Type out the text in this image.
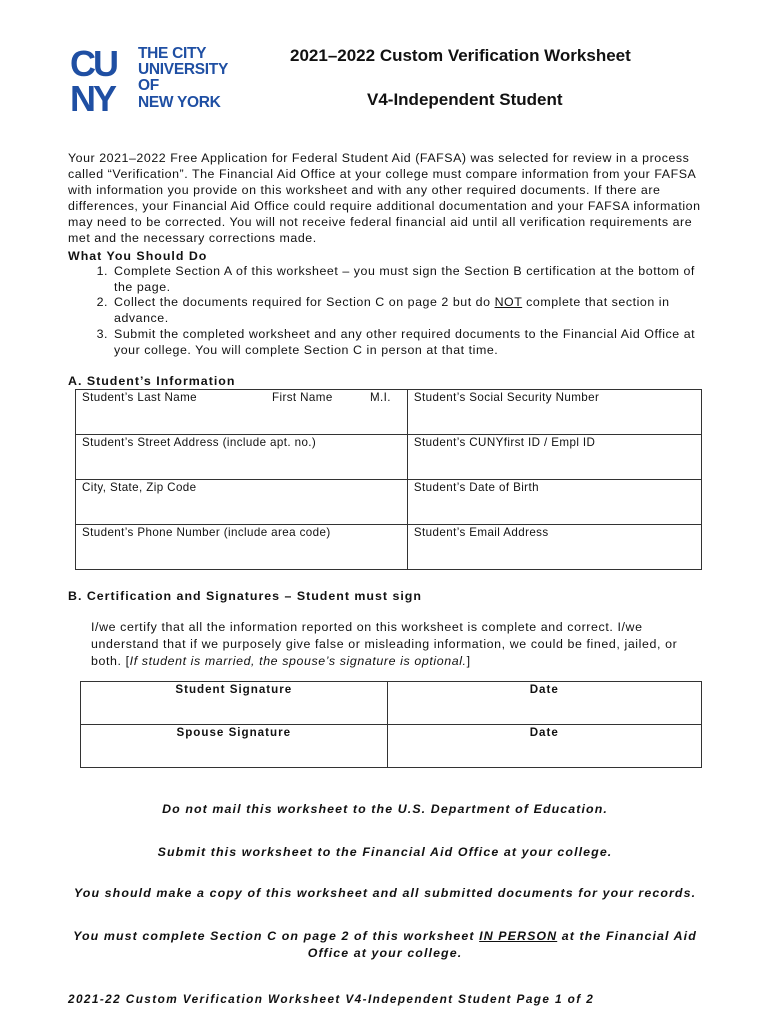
CU
NY
THE CITY
UNIVERSITY
OF
NEW YORK
2021–2022 Custom Verification Worksheet
V4-Independent Student

Your 2021–2022 Free Application for Federal Student Aid (FAFSA) was selected for review in a process called “Verification”. The Financial Aid Office at your college must compare information from your FAFSA with information you provide on this worksheet and with any other required documents. If there are differences, your Financial Aid Office could require additional documentation and your FAFSA information may need to be corrected. You will not receive federal financial aid until all verification requirements are met and the necessary corrections made.

What You Should Do
1. Complete Section A of this worksheet – you must sign the Section B certification at the bottom of the page.
2. Collect the documents required for Section C on page 2 but do NOT complete that section in advance.
3. Submit the completed worksheet and any other required documents to the Financial Aid Office at your college. You will complete Section C in person at that time.
A. Student’s Information
Student’s Last Name First Name M.I.	Student’s Social Security Number

Student’s Street Address (include apt. no.)	Student’s CUNYfirst ID / Empl ID

City, State, Zip Code	Student’s Date of Birth

Student’s Phone Number (include area code)	Student’s Email Address
B. Certification and Signatures – Student must sign
I/we certify that all the information reported on this worksheet is complete and correct. I/we understand that if we purposely give false or misleading information, we could be fined, jailed, or both. [If student is married, the spouse’s signature is optional.]
Student Signature	Date

Spouse Signature	Date
Do not mail this worksheet to the U.S. Department of Education.
Submit this worksheet to the Financial Aid Office at your college.
You should make a copy of this worksheet and all submitted documents for your records.
You must complete Section C on page 2 of this worksheet IN PERSON at the Financial Aid Office at your college.
2021-22 Custom Verification Worksheet V4-Independent Student Page 1 of 2
